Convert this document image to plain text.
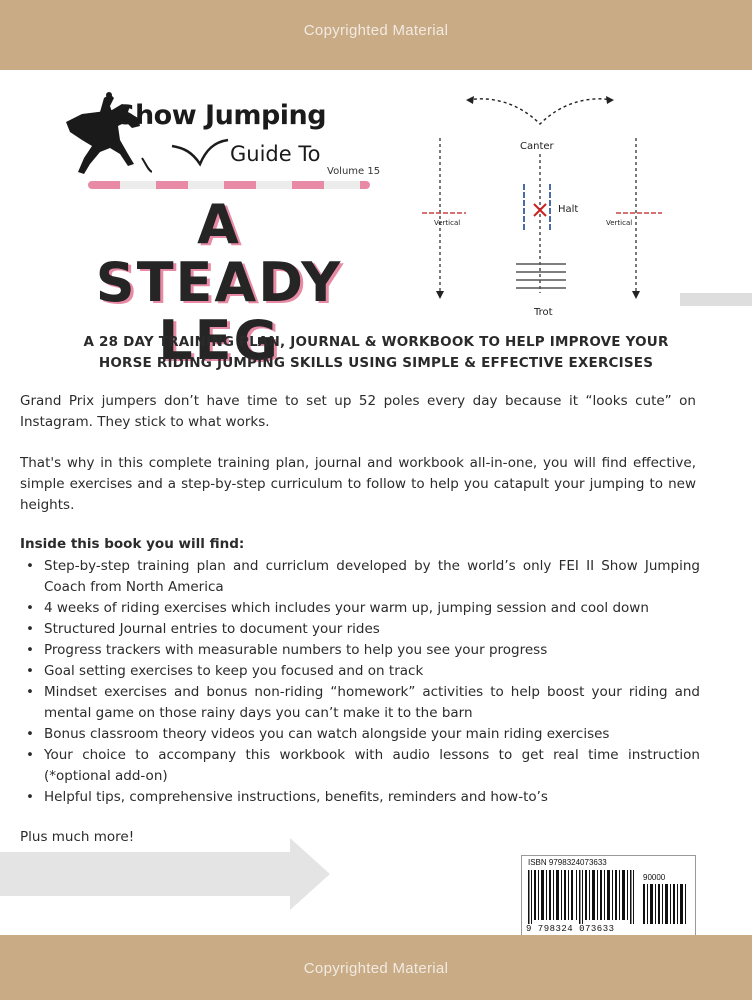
Copyrighted Material
Show Jumping
Guide To
Volume 15
A STEADY
LEG
Canter
Vertical	Vertical
Halt
Trot
A 28 DAY TRAINING PLAN, JOURNAL & WORKBOOK TO HELP IMPROVE YOUR
HORSE RIDING JUMPING SKILLS USING SIMPLE & EFFECTIVE EXERCISES
Grand Prix jumpers don’t have time to set up 52 poles every day because it “looks cute” on Instagram. They stick to what works.
That's why in this complete training plan, journal and workbook all-in-one, you will find effective, simple exercises and a step-by-step curriculum to follow to help you catapult your jumping to new heights.
Inside this book you will find:
• Step-by-step training plan and curriclum developed by the world’s only FEI II Show Jumping Coach from North America
• 4 weeks of riding exercises which includes your warm up, jumping session and cool down
• Structured Journal entries to document your rides
• Progress trackers with measurable numbers to help you see your progress
• Goal setting exercises to keep you focused and on track
• Mindset exercises and bonus non-riding “homework” activities to help boost your riding and mental game on those rainy days you can’t make it to the barn
• Bonus classroom theory videos you can watch alongside your main riding exercises
• Your choice to accompany this workbook with audio lessons to get real time instruction (*optional add-on)
• Helpful tips, comprehensive instructions, benefits, reminders and how-to’s
Plus much more!
ISBN 9798324073633
90000
9 798324 073633
Copyrighted Material
